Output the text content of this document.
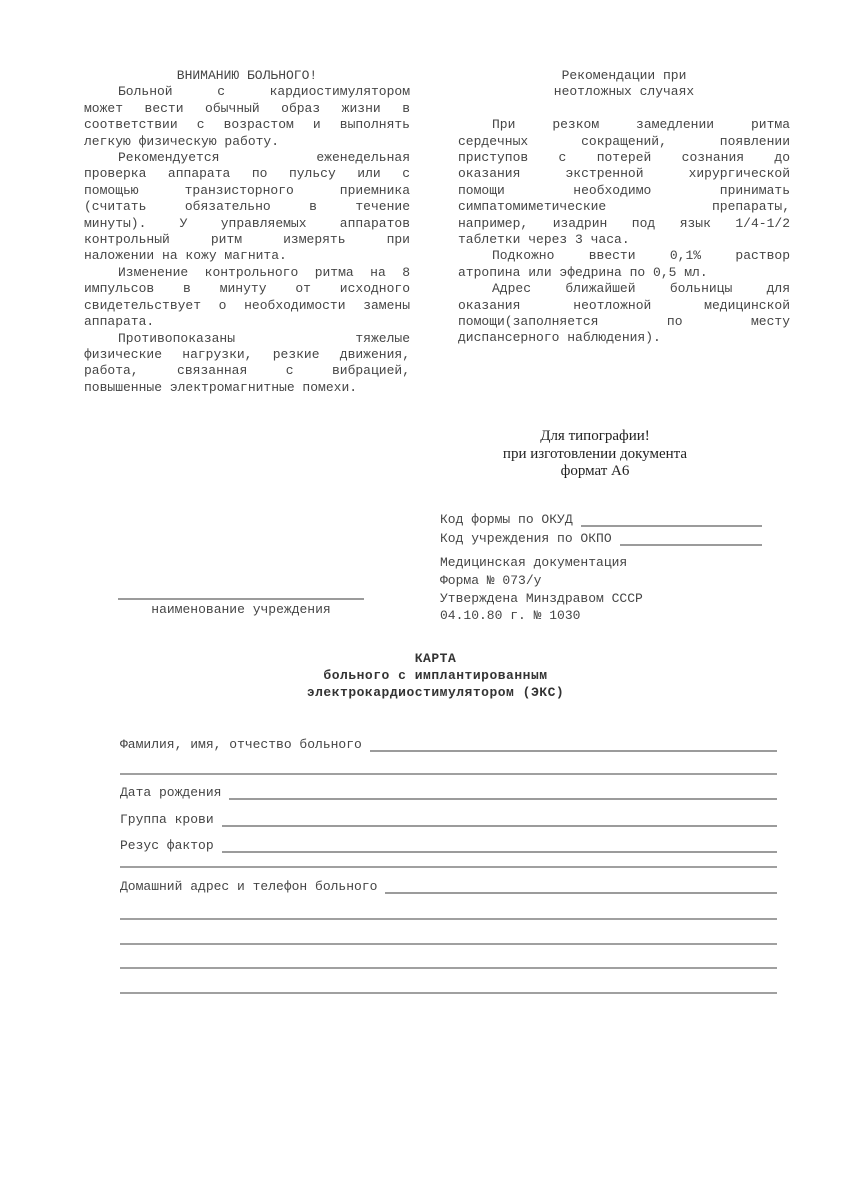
ВНИМАНИЮ БОЛЬНОГО!
Больной с кардиостимулятором
может вести обычный образ жизни в
соответствии с возрастом и выполнять
легкую физическую работу.
Рекомендуется еженедельная
проверка аппарата по пульсу или с
помощью транзисторного приемника
(считать обязательно в течение
минуты). У управляемых аппаратов
контрольный ритм измерять при
наложении на кожу магнита.
Изменение контрольного ритма на 8
импульсов в минуту от исходного
свидетельствует о необходимости замены
аппарата.
Противопоказаны тяжелые
физические нагрузки, резкие движения,
работа, связанная с вибрацией,
повышенные электромагнитные помехи.
Рекомендации при
неотложных случаях
При резком замедлении ритма
сердечных сокращений, появлении
приступов с потерей сознания до
оказания экстренной хирургической
помощи необходимо принимать
симпатомиметические препараты,
например, изадрин под язык 1/4-1/2
таблетки через 3 часа.
Подкожно ввести 0,1% раствор
атропина или эфедрина по 0,5 мл.
Адрес ближайшей больницы для
оказания неотложной медицинской
помощи(заполняется по месту
диспансерного наблюдения).
Для типографии!
при изготовлении документа
формат А6
Код формы по ОКУД
Код учреждения по ОКПО
Медицинская документация
Форма № 073/у
Утверждена Минздравом СССР
04.10.80 г. № 1030
наименование учреждения
КАРТА
больного с имплантированным
электрокардиостимулятором (ЭКС)
Фамилия, имя, отчество больного
Дата рождения
Группа крови
Резус фактор
Домашний адрес и телефон больного
